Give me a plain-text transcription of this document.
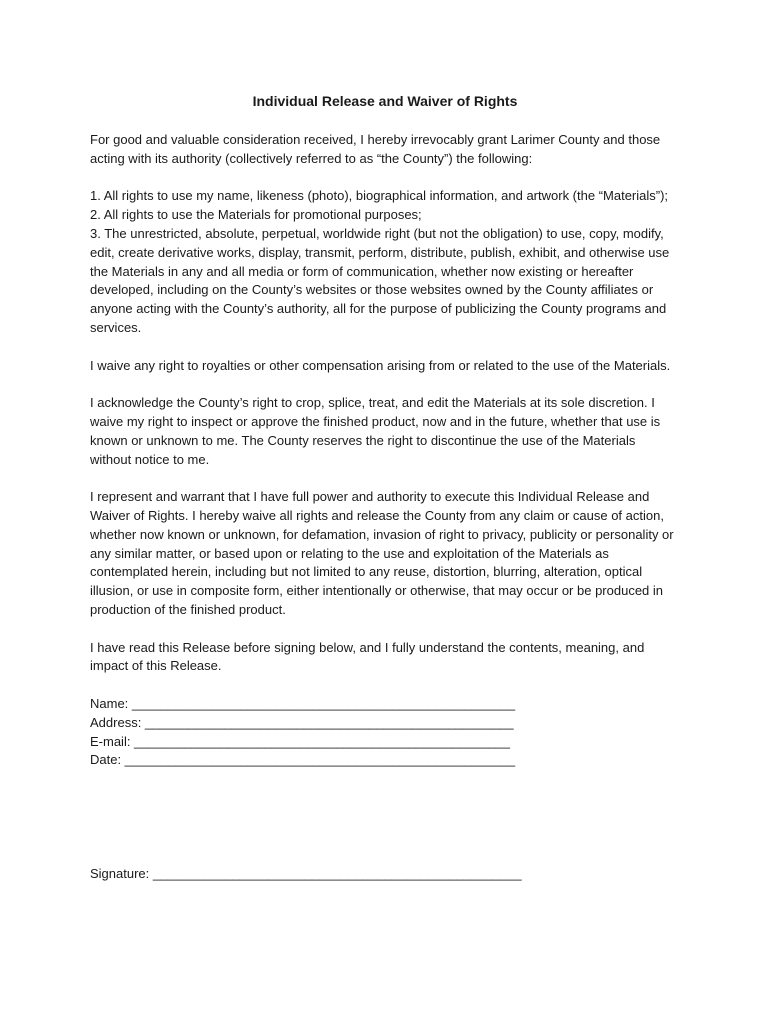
Individual Release and Waiver of Rights

For good and valuable consideration received, I hereby irrevocably grant Larimer County and those acting with its authority (collectively referred to as “the County”) the following:

1. All rights to use my name, likeness (photo), biographical information, and artwork (the “Materials”);
2. All rights to use the Materials for promotional purposes;
3. The unrestricted, absolute, perpetual, worldwide right (but not the obligation) to use, copy, modify, edit, create derivative works, display, transmit, perform, distribute, publish, exhibit, and otherwise use the Materials in any and all media or form of communication, whether now existing or hereafter developed, including on the County’s websites or those websites owned by the County affiliates or anyone acting with the County’s authority, all for the purpose of publicizing the County programs and services.

I waive any right to royalties or other compensation arising from or related to the use of the Materials.

I acknowledge the County’s right to crop, splice, treat, and edit the Materials at its sole discretion. I waive my right to inspect or approve the finished product, now and in the future, whether that use is known or unknown to me. The County reserves the right to discontinue the use of the Materials without notice to me.

I represent and warrant that I have full power and authority to execute this Individual Release and Waiver of Rights. I hereby waive all rights and release the County from any claim or cause of action, whether now known or unknown, for defamation, invasion of right to privacy, publicity or personality or any similar matter, or based upon or relating to the use and exploitation of the Materials as contemplated herein, including but not limited to any reuse, distortion, blurring, alteration, optical illusion, or use in composite form, either intentionally or otherwise, that may occur or be produced in production of the finished product.

I have read this Release before signing below, and I fully understand the contents, meaning, and impact of this Release.

Name: _____________________________________________________
Address: ___________________________________________________
E-mail: ____________________________________________________
Date: ______________________________________________________
Signature: ___________________________________________________
